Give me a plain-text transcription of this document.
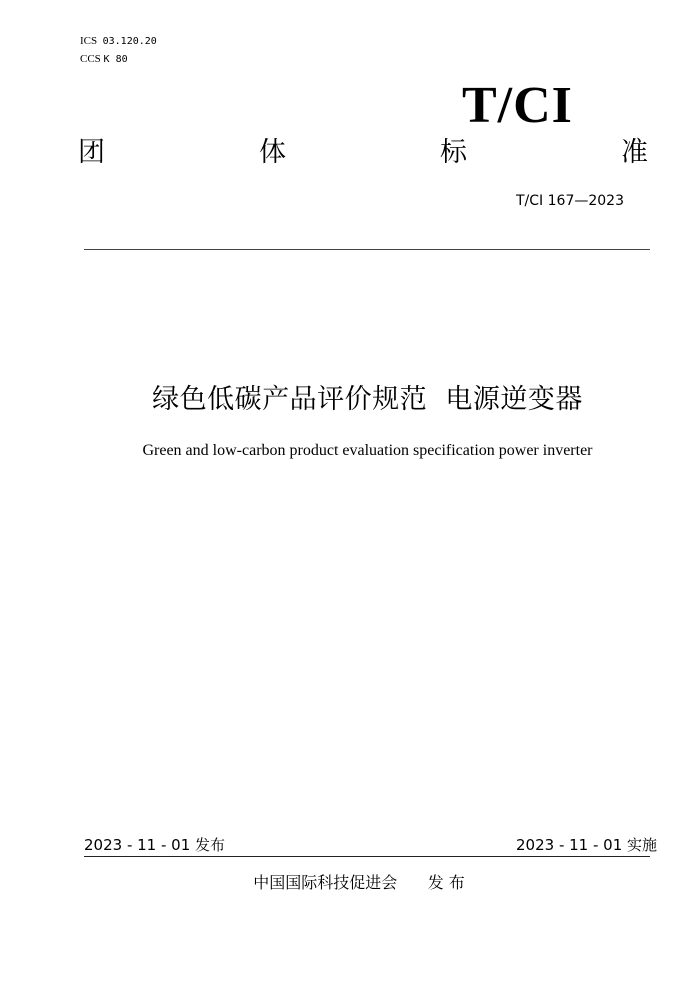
ICS 03.120.20
CCS K 80
T/CI
团	体	标	准
T/CI 167—2023
绿色低碳产品评价规范  电源逆变器
Green and low-carbon product evaluation specification power inverter
2023 - 11 - 01 发布	2023 - 11 - 01 实施
中国国际科技促进会      发 布
